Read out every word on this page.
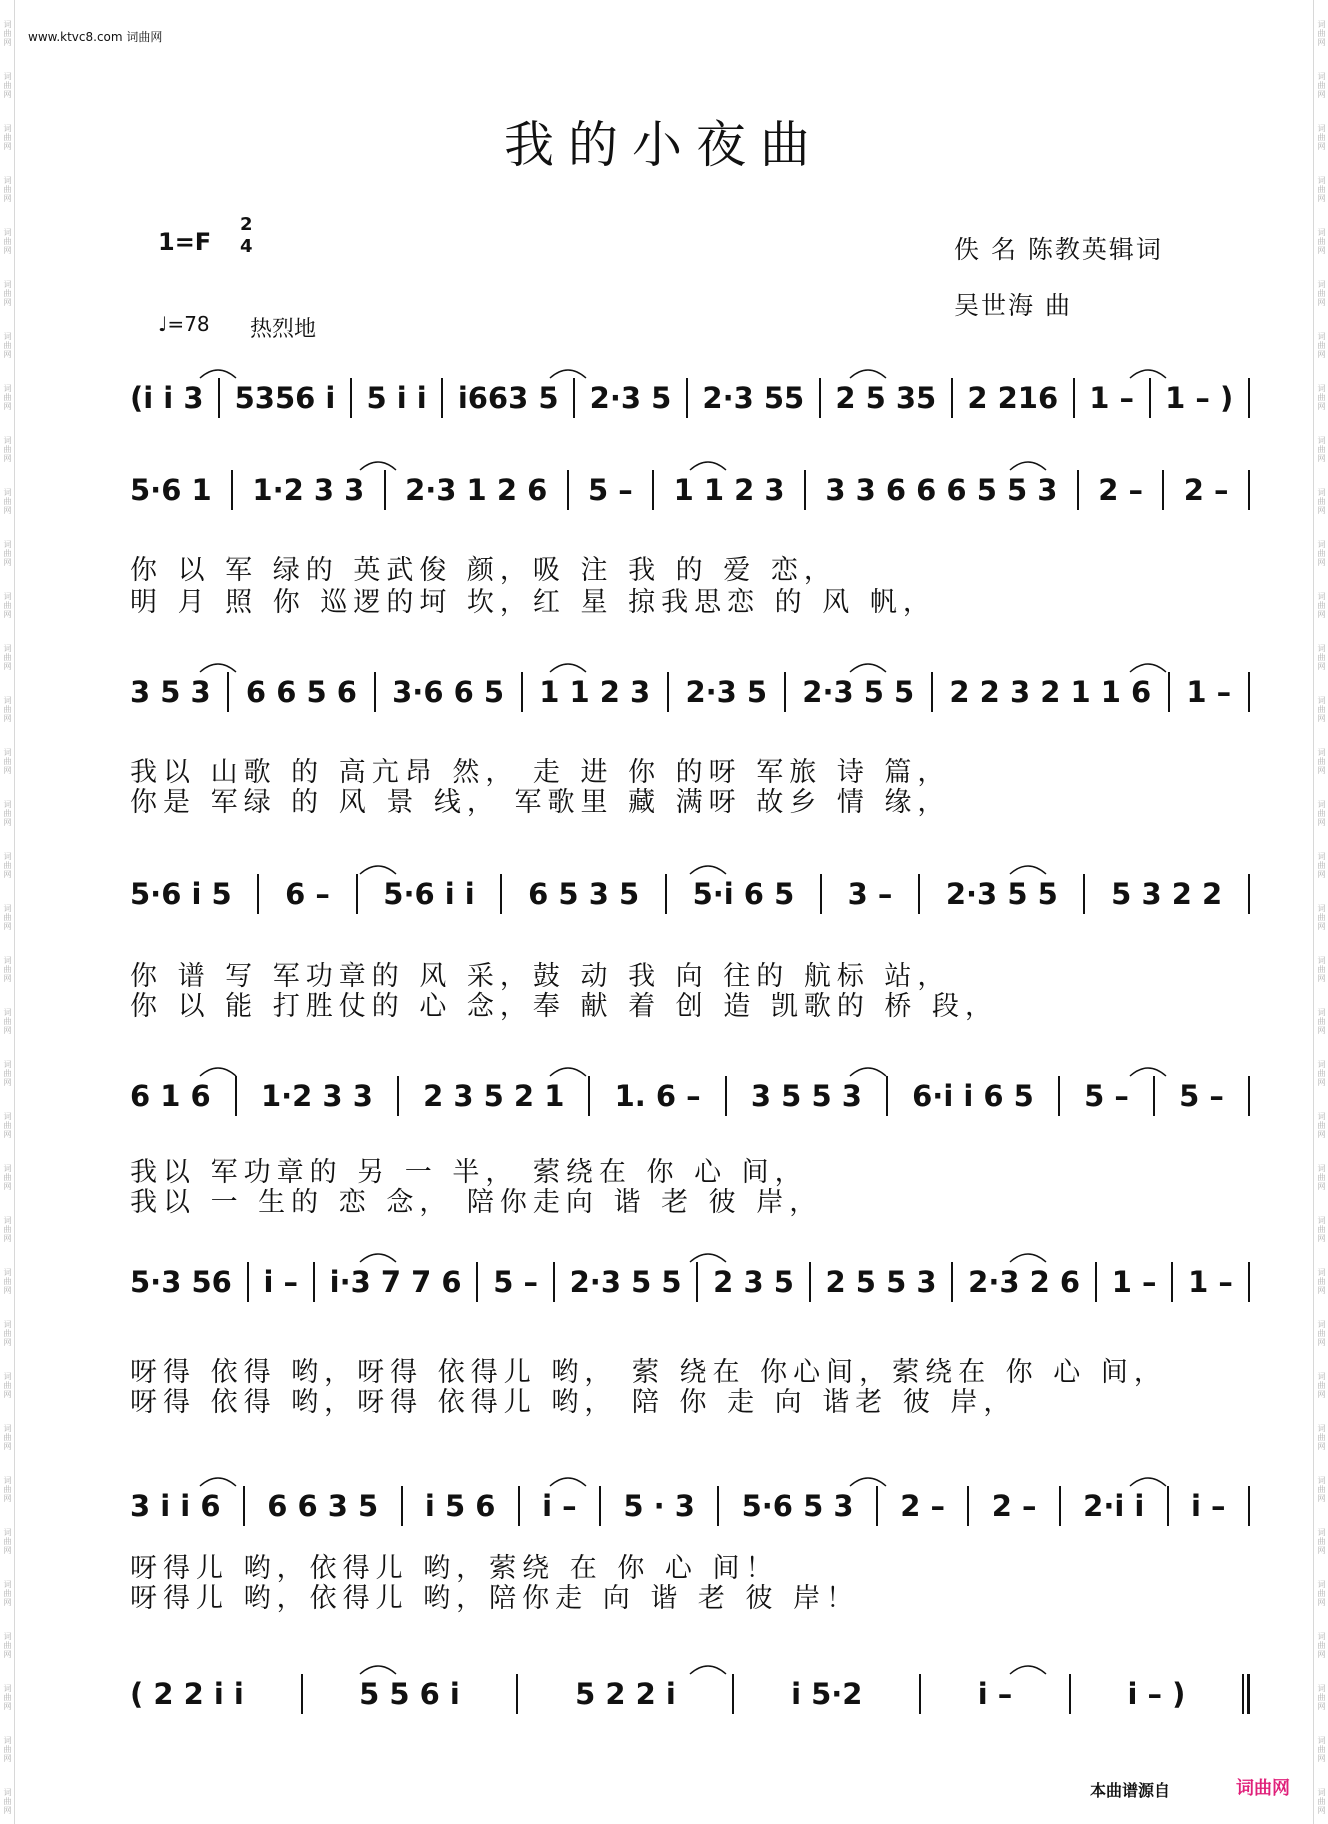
词曲网
词曲网
词曲网
词曲网
词曲网
词曲网
词曲网
词曲网
词曲网
词曲网
词曲网
词曲网
词曲网
词曲网
词曲网
词曲网
词曲网
词曲网
词曲网
词曲网
词曲网
词曲网
词曲网
词曲网
词曲网
词曲网
词曲网
词曲网
词曲网
词曲网
词曲网
词曲网
词曲网
词曲网
词曲网
词曲网
词曲网
词曲网
词曲网
词曲网
词曲网
词曲网
词曲网
词曲网
词曲网
词曲网
词曲网
词曲网
词曲网
词曲网
词曲网
词曲网
词曲网
词曲网
词曲网
词曲网
词曲网
词曲网
词曲网
词曲网
词曲网
词曲网
词曲网
词曲网
词曲网
词曲网
词曲网
词曲网
词曲网
词曲网
www.ktvc8.com 词曲网
我的小夜曲
1=F
2
4
♩=78 热烈地
佚 名 陈教英辑词
吴世海 曲
(i i 3 5356 i 5 i i i663 5 2·3 5 2·3 55 2 5 35 2 216 1 – 1 – )
5·6 1 1·2 3 3 2·3 1 2 6 5 – 1 1 2 3 3 3 6 6 6 5 5 3 2 – 2 –
你 以 军 绿的 英武俊 颜，吸 注 我 的 爱 恋，
明 月 照 你 巡逻的坷 坎，红 星 掠我思恋 的 风 帆，
3 5 3 6 6 5 6 3·6 6 5 1 1 2 3 2·3 5 2·3 5 5 2 2 3 2 1 1 6 1 –
我以 山歌 的 高亢昂 然， 走 进 你 的呀 军旅 诗 篇，
你是 军绿 的 风 景 线， 军歌里 藏 满呀 故乡 情 缘，
5·6 i 5 6 – 5·6 i i 6 5 3 5 5·i 6 5 3 – 2·3 5 5 5 3 2 2
你 谱 写 军功章的 风 采，鼓 动 我 向 往的 航标 站，
你 以 能 打胜仗的 心 念，奉 献 着 创 造 凯歌的 桥 段，
6 1 6 1·2 3 3 2 3 5 2 1 1. 6 – 3 5 5 3 6·i i 6 5 5 – 5 –
我以 军功章的 另 一 半， 萦绕在 你 心 间，
我以 一 生的 恋 念， 陪你走向 谐 老 彼 岸，
5·3 56 i – i·3 7 7 6 5 – 2·3 5 5 2 3 5 2 5 5 3 2·3 2 6 1 – 1 –
呀得 依得 哟，呀得 依得儿 哟， 萦 绕在 你心间，萦绕在 你 心 间，
呀得 依得 哟，呀得 依得儿 哟， 陪 你 走 向 谐老 彼 岸，
3 i i 6 6 6 3 5 i 5 6 i – 5 · 3 5·6 5 3 2 – 2 – 2·i i i –
呀得儿 哟，依得儿 哟，萦绕 在 你 心 间！
呀得儿 哟，依得儿 哟，陪你走 向 谐 老 彼 岸！
( 2 2 i i	5 5 6 i	5 2 2 i	i 5·2	i –	i – )
本曲谱源自	词曲网
